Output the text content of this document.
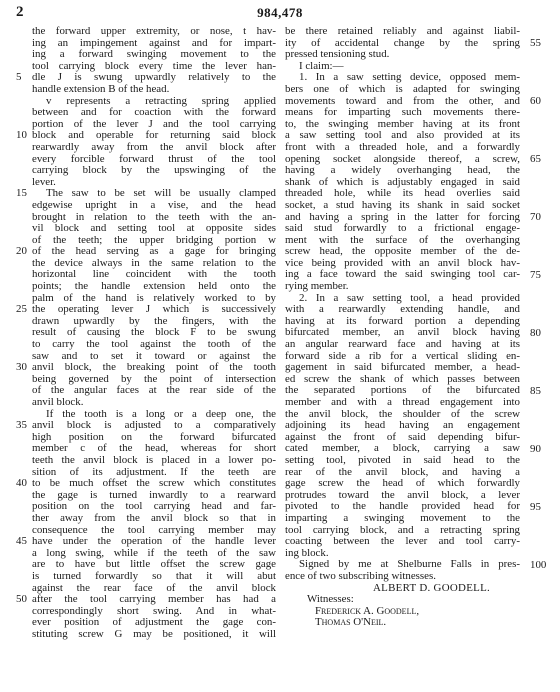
2	984,478
the forward upper extremity, or nose, t hav-
ing an impingement against and for impart-
ing a forward swinging movement to the
tool carrying block every time the lever han-
dle J is swung upwardly relatively to the
handle extension B of the head.
v represents a retracting spring applied
between and for coaction with the forward
portion of the lever J and the tool carrying
block and operable for returning said block
rearwardly away from the anvil block after
every forcible forward thrust of the tool
carrying block by the upswinging of the
lever.
The saw to be set will be usually clamped
edgewise upright in a vise, and the head
brought in relation to the teeth with the an-
vil block and setting tool at opposite sides
of the teeth; the upper bridging portion w
of the head serving as a gage for bringing
the device always in the same relation to the
horizontal line coincident with the tooth
points; the handle extension held onto the
palm of the hand is relatively worked to by
the operating lever J which is successively
drawn upwardly by the fingers, with the
result of causing the block F to be swung
to carry the tool against the tooth of the
saw and to set it toward or against the
anvil block, the breaking point of the tooth
being governed by the point of intersection
of the angular faces at the rear side of the
anvil block.
If the tooth is a long or a deep one, the
anvil block is adjusted to a comparatively
high position on the forward bifurcated
member c of the head, whereas for short
teeth the anvil block is placed in a lower po-
sition of its adjustment. If the teeth are
to be much offset the screw which constitutes
the gage is turned inwardly to a rearward
position on the tool carrying head and far-
ther away from the anvil block so that in
consequence the tool carrying member may
have under the operation of the handle lever
a long swing, while if the teeth of the saw
are to have but little offset the screw gage
is turned forwardly so that it will abut
against the rear face of the anvil block
after the tool carrying member has had a
correspondingly short swing. And in what-
ever position of adjustment the gage con-
stituting screw G may be positioned, it will
be there retained reliably and against liabil-
ity of accidental change by the spring
pressed tensioning stud.
I claim:—
1. In a saw setting device, opposed mem-
bers one of which is adapted for swinging
movements toward and from the other, and
means for imparting such movements there-
to, the swinging member having at its front
a saw setting tool and also provided at its
front with a threaded hole, and a forwardly
opening socket alongside thereof, a screw,
having a widely overhanging head, the
shank of which is adjustably engaged in said
threaded hole, while its head overlies said
socket, a stud having its shank in said socket
and having a spring in the latter for forcing
said stud forwardly to a frictional engage-
ment with the surface of the overhanging
screw head, the opposite member of the de-
vice being provided with an anvil block hav-
ing a face toward the said swinging tool car-
rying member.
2. In a saw setting tool, a head provided
with a rearwardly extending handle, and
having at its forward portion a depending
bifurcated member, an anvil block having
an angular rearward face and having at its
forward side a rib for a vertical sliding en-
gagement in said bifurcated member, a head-
ed screw the shank of which passes between
the separated portions of the bifurcated
member and with a thread engagement into
the anvil block, the shoulder of the screw
adjoining its head having an engagement
against the front of said depending bifur-
cated member, a block, carrying a saw
setting tool, pivoted in said head to the
rear of the anvil block, and having a
gage screw the head of which forwardly
protrudes toward the anvil block, a lever
pivoted to the handle provided head for
imparting a swinging movement to the
tool carrying block, and a retracting spring
coacting between the lever and tool carry-
ing block.
Signed by me at Shelburne Falls in pres-
ence of two subscribing witnesses.
ALBERT D. GOODELL.
Witnesses:
Frederick A. Goodell,
Thomas O'Neil.
5
10
15
20
25
30
35
40
45
50
55
60
65
70
75
80
85
90
95
100
